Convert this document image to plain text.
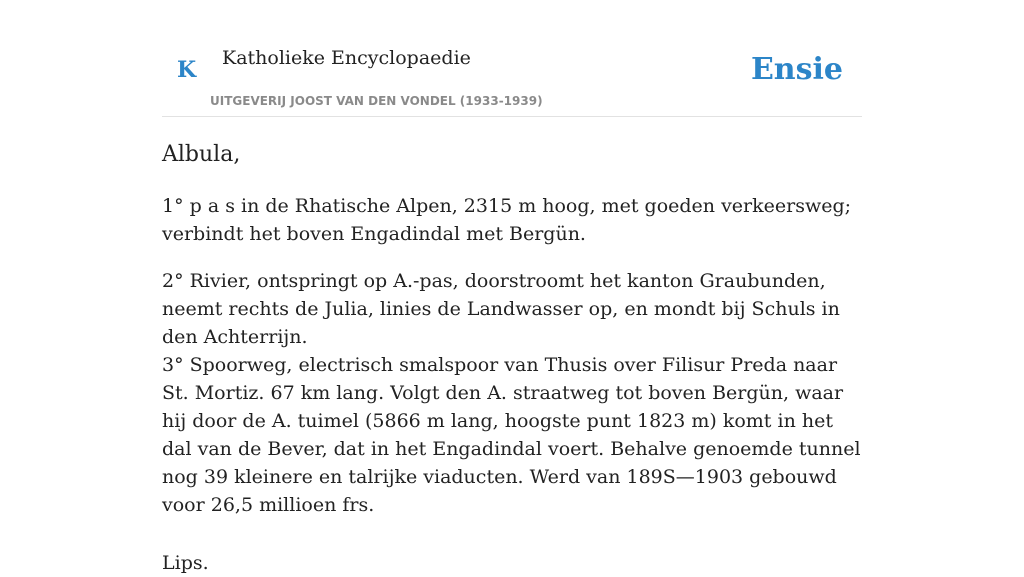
K Katholieke Encyclopaedie
UITGEVERIJ JOOST VAN DEN VONDEL (1933-1939)
Ensie
Albula,

1° p a s in de Rhatische Alpen, 2315 m hoog, met goeden verkeersweg; verbindt het boven Engadindal met Bergün.

2° Rivier, ontspringt op A.-pas, doorstroomt het kanton Graubunden, neemt rechts de Julia, linies de Landwasser op, en mondt bij Schuls in den Achterrijn.

3° Spoorweg, electrisch smalspoor van Thusis over Filisur Preda naar St. Mortiz. 67 km lang. Volgt den A. straatweg tot boven Bergün, waar hij door de A. tuimel (5866 m lang, hoogste punt 1823 m) komt in het dal van de Bever, dat in het Engadindal voert. Behalve genoemde tunnel nog 39 kleinere en talrijke viaducten. Werd van 189S—1903 gebouwd voor 26,5 millioen frs.

Lips.
